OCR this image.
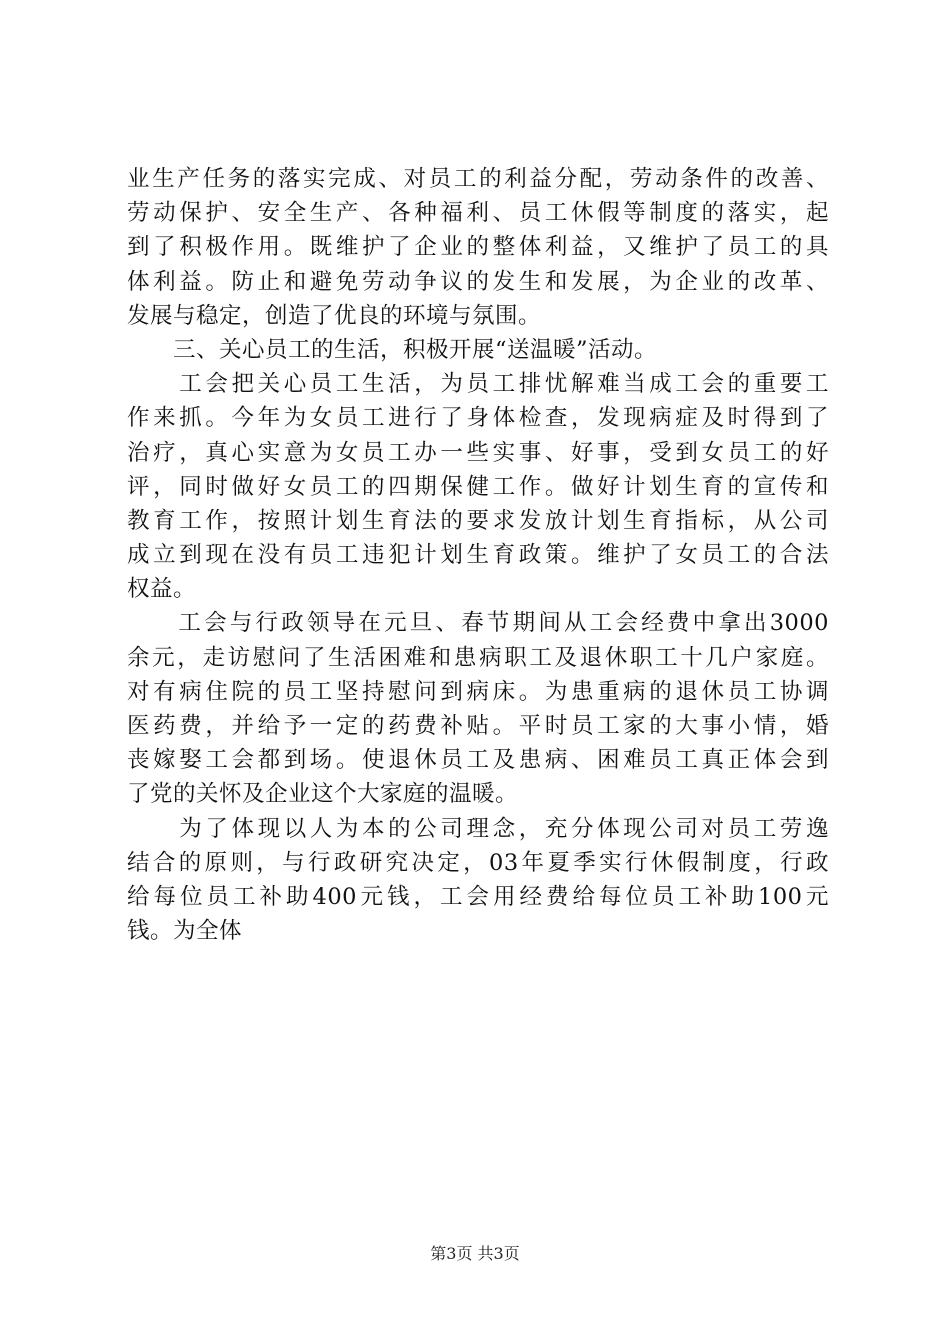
业生产任务的落实完成、对员工的利益分配，劳动条件的改善、
劳动保护、安全生产、各种福利、员工休假等制度的落实，起
到了积极作用。既维护了企业的整体利益，又维护了员工的具
体利益。防止和避免劳动争议的发生和发展，为企业的改革、
发展与稳定，创造了优良的环境与氛围。
　　三、关心员工的生活，积极开展“送温暖”活动。
　　工会把关心员工生活，为员工排忧解难当成工会的重要工
作来抓。今年为女员工进行了身体检查，发现病症及时得到了
治疗，真心实意为女员工办一些实事、好事，受到女员工的好
评，同时做好女员工的四期保健工作。做好计划生育的宣传和
教育工作，按照计划生育法的要求发放计划生育指标，从公司
成立到现在没有员工违犯计划生育政策。维护了女员工的合法
权益。
　　工会与行政领导在元旦、春节期间从工会经费中拿出3000
余元，走访慰问了生活困难和患病职工及退休职工十几户家庭。
对有病住院的员工坚持慰问到病床。为患重病的退休员工协调
医药费，并给予一定的药费补贴。平时员工家的大事小情，婚
丧嫁娶工会都到场。使退休员工及患病、困难员工真正体会到
了党的关怀及企业这个大家庭的温暖。
　　为了体现以人为本的公司理念，充分体现公司对员工劳逸
结合的原则，与行政研究决定，03年夏季实行休假制度，行政
给每位员工补助400元钱，工会用经费给每位员工补助100元
钱。为全体
第3页 共3页
